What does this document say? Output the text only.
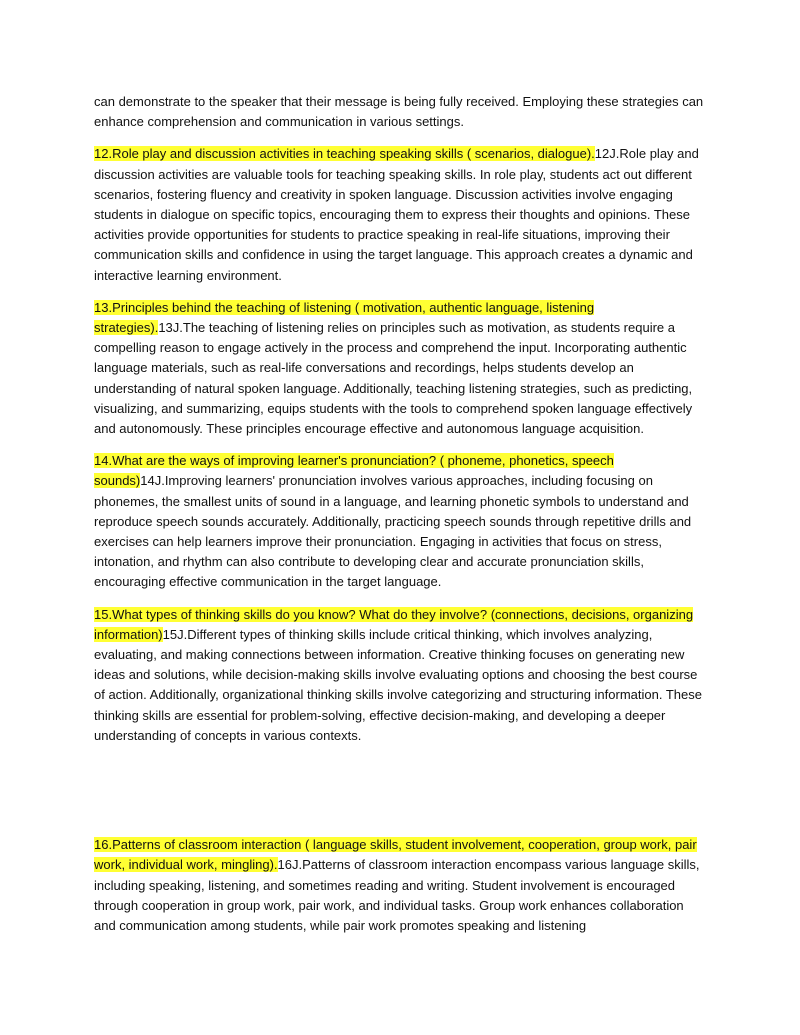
can demonstrate to the speaker that their message is being fully received. Employing these strategies can enhance comprehension and communication in various settings.

12.Role play and discussion activities in teaching speaking skills ( scenarios, dialogue).12J.Role play and discussion activities are valuable tools for teaching speaking skills. In role play, students act out different scenarios, fostering fluency and creativity in spoken language. Discussion activities involve engaging students in dialogue on specific topics, encouraging them to express their thoughts and opinions. These activities provide opportunities for students to practice speaking in real-life situations, improving their communication skills and confidence in using the target language. This approach creates a dynamic and interactive learning environment.

13.Principles behind the teaching of listening ( motivation, authentic language, listening strategies).13J.The teaching of listening relies on principles such as motivation, as students require a compelling reason to engage actively in the process and comprehend the input. Incorporating authentic language materials, such as real-life conversations and recordings, helps students develop an understanding of natural spoken language. Additionally, teaching listening strategies, such as predicting, visualizing, and summarizing, equips students with the tools to comprehend spoken language effectively and autonomously. These principles encourage effective and autonomous language acquisition.

14.What are the ways of improving learner's pronunciation? ( phoneme, phonetics, speech sounds)14J.Improving learners' pronunciation involves various approaches, including focusing on phonemes, the smallest units of sound in a language, and learning phonetic symbols to understand and reproduce speech sounds accurately. Additionally, practicing speech sounds through repetitive drills and exercises can help learners improve their pronunciation. Engaging in activities that focus on stress, intonation, and rhythm can also contribute to developing clear and accurate pronunciation skills, encouraging effective communication in the target language.

15.What types of thinking skills do you know? What do they involve? (connections, decisions, organizing information)15J.Different types of thinking skills include critical thinking, which involves analyzing, evaluating, and making connections between information. Creative thinking focuses on generating new ideas and solutions, while decision-making skills involve evaluating options and choosing the best course of action. Additionally, organizational thinking skills involve categorizing and structuring information. These thinking skills are essential for problem-solving, effective decision-making, and developing a deeper understanding of concepts in various contexts.

16.Patterns of classroom interaction ( language skills, student involvement, cooperation, group work, pair work, individual work, mingling).16J.Patterns of classroom interaction encompass various language skills, including speaking, listening, and sometimes reading and writing. Student involvement is encouraged through cooperation in group work, pair work, and individual tasks. Group work enhances collaboration and communication among students, while pair work promotes speaking and listening
